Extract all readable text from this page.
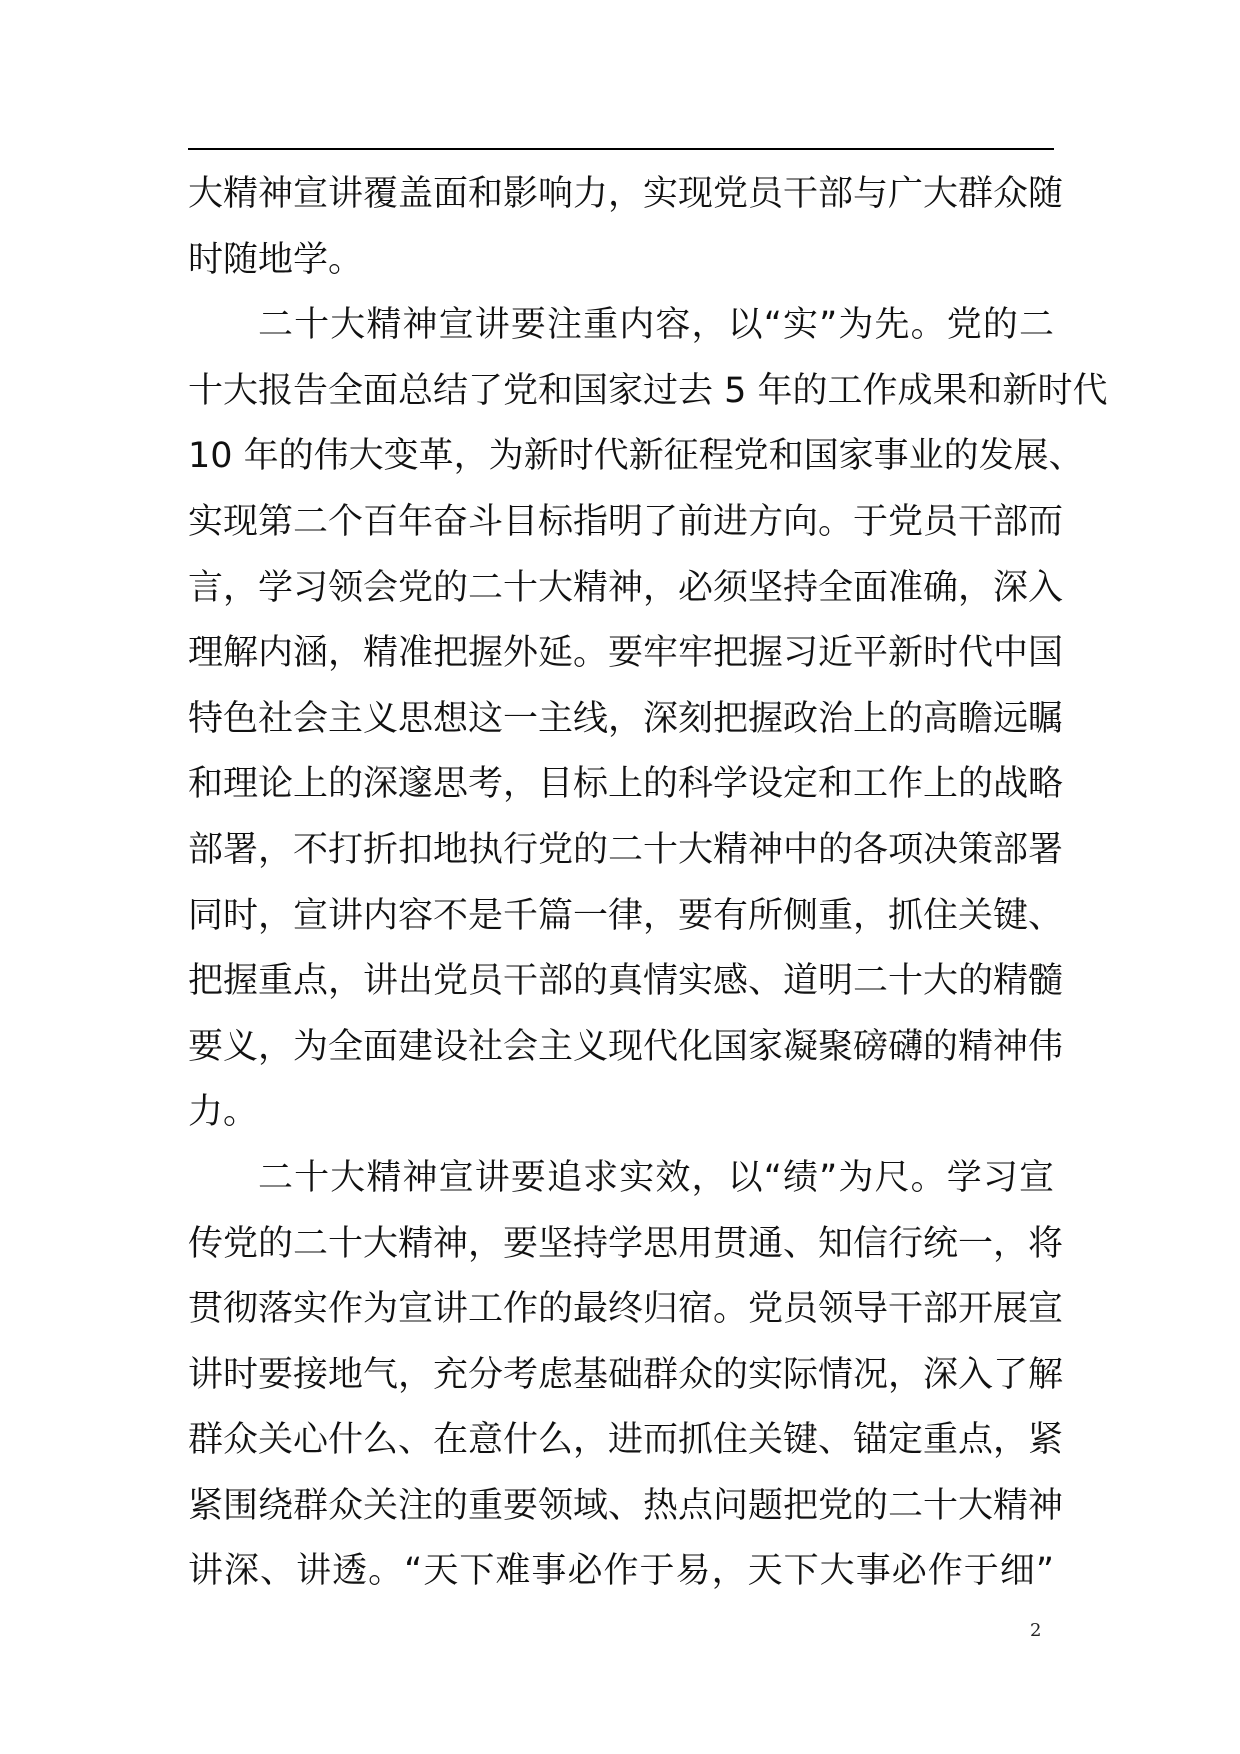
大精神宣讲覆盖面和影响力，实现党员干部与广大群众随
时随地学。
二十大精神宣讲要注重内容，以“实”为先。党的二
十大报告全面总结了党和国家过去 5 年的工作成果和新时代
10 年的伟大变革，为新时代新征程党和国家事业的发展、
实现第二个百年奋斗目标指明了前进方向。于党员干部而
言，学习领会党的二十大精神，必须坚持全面准确，深入
理解内涵，精准把握外延。要牢牢把握习近平新时代中国
特色社会主义思想这一主线，深刻把握政治上的高瞻远瞩
和理论上的深邃思考，目标上的科学设定和工作上的战略
部署，不打折扣地执行党的二十大精神中的各项决策部署
同时，宣讲内容不是千篇一律，要有所侧重，抓住关键、
把握重点，讲出党员干部的真情实感、道明二十大的精髓
要义，为全面建设社会主义现代化国家凝聚磅礴的精神伟
力。
二十大精神宣讲要追求实效，以“绩”为尺。学习宣
传党的二十大精神，要坚持学思用贯通、知信行统一，将
贯彻落实作为宣讲工作的最终归宿。党员领导干部开展宣
讲时要接地气，充分考虑基础群众的实际情况，深入了解
群众关心什么、在意什么，进而抓住关键、锚定重点，紧
紧围绕群众关注的重要领域、热点问题把党的二十大精神
讲深、讲透。“天下难事必作于易，天下大事必作于细”
2
